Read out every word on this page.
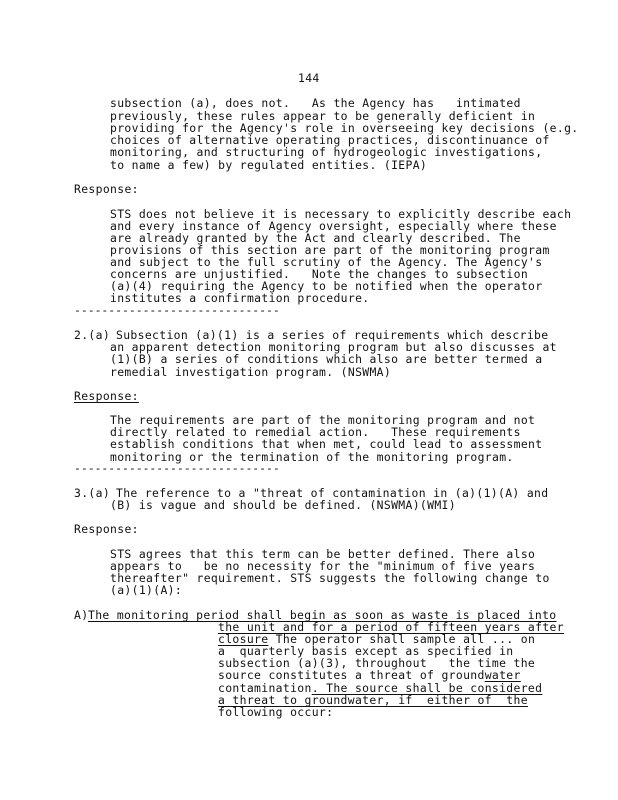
144
subsection (a), does not.   As the Agency has   intimated
previously, these rules appear to be generally deficient in
providing for the Agency's role in overseeing key decisions (e.g.
choices of alternative operating practices, discontinuance of
monitoring, and structuring of hydrogeologic investigations,
to name a few) by regulated entities. (IEPA)
Response:
STS does not believe it is necessary to explicitly describe each
and every instance of Agency oversight, especially where these
are already granted by the Act and clearly described. The
provisions of this section are part of the monitoring program
and subject to the full scrutiny of the Agency. The Agency's
concerns are unjustified.   Note the changes to subsection
(a)(4) requiring the Agency to be notified when the operator
institutes a confirmation procedure.
------------------------------
2.(a) Subsection (a)(1) is a series of requirements which describe
an apparent detection monitoring program but also discusses at
(1)(B) a series of conditions which also are better termed a
remedial investigation program. (NSWMA)
Response:
The requirements are part of the monitoring program and not
directly related to remedial action.   These requirements
establish conditions that when met, could lead to assessment
monitoring or the termination of the monitoring program.
------------------------------
3.(a) The reference to a "threat of contamination in (a)(1)(A) and
(B) is vague and should be defined. (NSWMA)(WMI)
Response:
STS agrees that this term can be better defined. There also
appears to   be no necessity for the "minimum of five years
thereafter" requirement. STS suggests the following change to
(a)(1)(A):
A) The monitoring period shall begin as soon as waste is placed into
the unit and for a period of fifteen years after
closure The operator shall sample all ... on
a  quarterly basis except as specified in
subsection (a)(3), throughout   the time the
source constitutes a threat of groundwater
contamination. The source shall be considered
a threat to groundwater, if  either of  the
following occur:
